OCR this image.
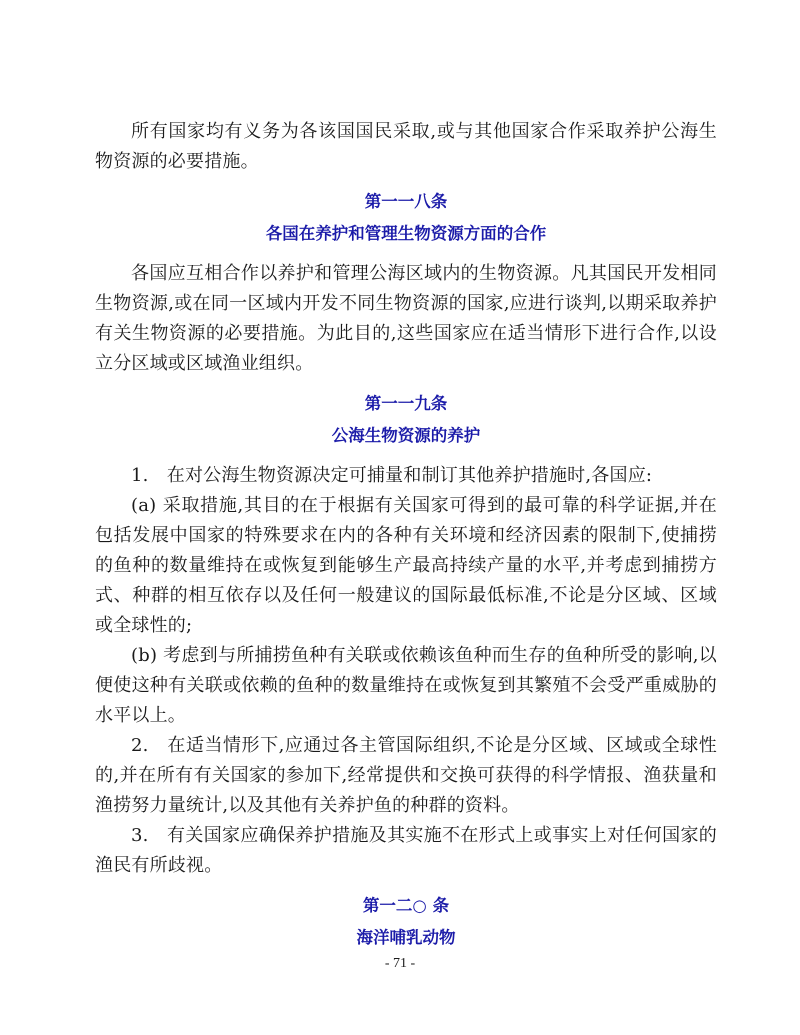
所有国家均有义务为各该国国民采取,或与其他国家合作采取养护公海生物资源的必要措施。

第一一八条

各国在养护和管理生物资源方面的合作

各国应互相合作以养护和管理公海区域内的生物资源。凡其国民开发相同生物资源,或在同一区域内开发不同生物资源的国家,应进行谈判,以期采取养护有关生物资源的必要措施。为此目的,这些国家应在适当情形下进行合作,以设立分区域或区域渔业组织。

第一一九条

公海生物资源的养护

1.　在对公海生物资源决定可捕量和制订其他养护措施时,各国应:

(a) 采取措施,其目的在于根据有关国家可得到的最可靠的科学证据,并在包括发展中国家的特殊要求在内的各种有关环境和经济因素的限制下,使捕捞的鱼种的数量维持在或恢复到能够生产最高持续产量的水平,并考虑到捕捞方式、种群的相互依存以及任何一般建议的国际最低标准,不论是分区域、区域或全球性的;

(b) 考虑到与所捕捞鱼种有关联或依赖该鱼种而生存的鱼种所受的影响,以便使这种有关联或依赖的鱼种的数量维持在或恢复到其繁殖不会受严重威胁的水平以上。

2.　在适当情形下,应通过各主管国际组织,不论是分区域、区域或全球性的,并在所有有关国家的参加下,经常提供和交换可获得的科学情报、渔获量和渔捞努力量统计,以及其他有关养护鱼的种群的资料。

3.　有关国家应确保养护措施及其实施不在形式上或事实上对任何国家的渔民有所歧视。

第一二○ 条

海洋哺乳动物

- 71 -
